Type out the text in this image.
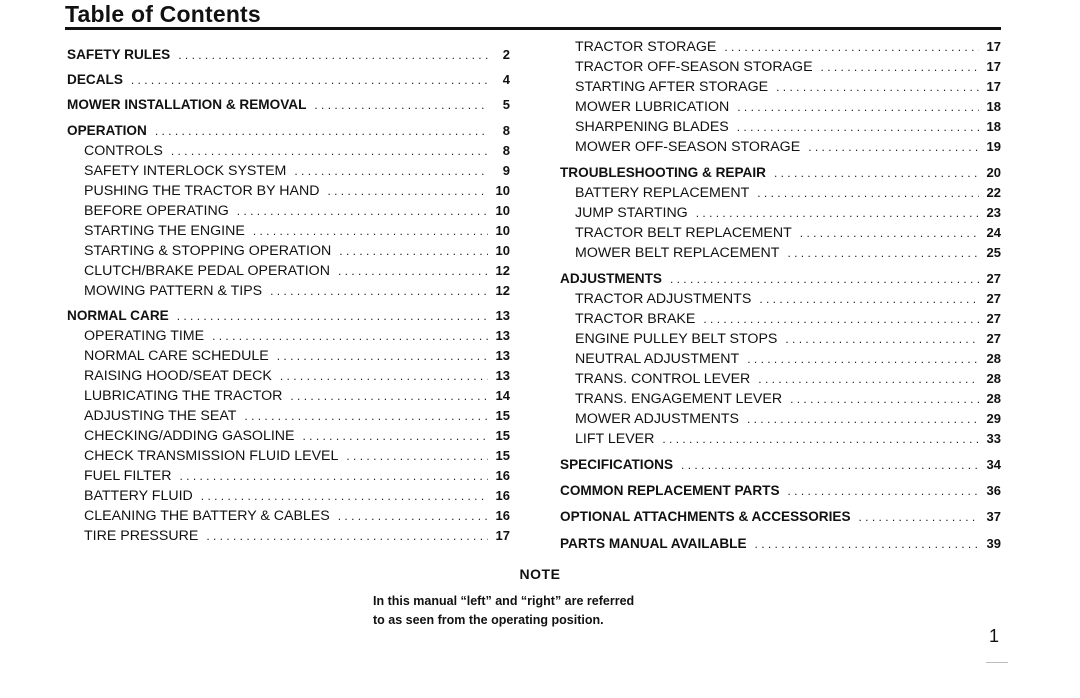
Table of Contents
SAFETY RULES . . .	2
DECALS . . .	4
MOWER INSTALLATION & REMOVAL . . .	5
OPERATION . . .	8
CONTROLS . . .	8
SAFETY INTERLOCK SYSTEM . . .	9
PUSHING THE TRACTOR BY HAND . . .	10
BEFORE OPERATING . . .	10
STARTING THE ENGINE . . .	10
STARTING & STOPPING OPERATION . . .	10
CLUTCH/BRAKE PEDAL OPERATION . . .	12
MOWING PATTERN & TIPS . . .	12
NORMAL CARE . . .	13
OPERATING TIME . . .	13
NORMAL CARE SCHEDULE . . .	13
RAISING HOOD/SEAT DECK . . .	13
LUBRICATING THE TRACTOR . . .	14
ADJUSTING THE SEAT . . .	15
CHECKING/ADDING GASOLINE . . .	15
CHECK TRANSMISSION FLUID LEVEL . . .	15
FUEL FILTER . . .	16
BATTERY FLUID . . .	16
CLEANING THE BATTERY & CABLES . . .	16
TIRE PRESSURE . . .	17
TRACTOR STORAGE . . .	17
TRACTOR OFF-SEASON STORAGE . . .	17
STARTING AFTER STORAGE . . .	17
MOWER LUBRICATION . . .	18
SHARPENING BLADES . . .	18
MOWER OFF-SEASON STORAGE . . .	19
TROUBLESHOOTING & REPAIR . . .	20
BATTERY REPLACEMENT . . .	22
JUMP STARTING . . .	23
TRACTOR BELT REPLACEMENT . . .	24
MOWER BELT REPLACEMENT . . .	25
ADJUSTMENTS . . .	27
TRACTOR ADJUSTMENTS . . .	27
TRACTOR BRAKE . . .	27
ENGINE PULLEY BELT STOPS . . .	27
NEUTRAL ADJUSTMENT . . .	28
TRANS. CONTROL LEVER . . .	28
TRANS. ENGAGEMENT LEVER . . .	28
MOWER ADJUSTMENTS . . .	29
LIFT LEVER . . .	33
SPECIFICATIONS . . .	34
COMMON REPLACEMENT PARTS . . .	36
OPTIONAL ATTACHMENTS & ACCESSORIES . . .	37
PARTS MANUAL AVAILABLE . . .	39
NOTE
In this manual “left” and “right” are referred
to as seen from the operating position.
1
